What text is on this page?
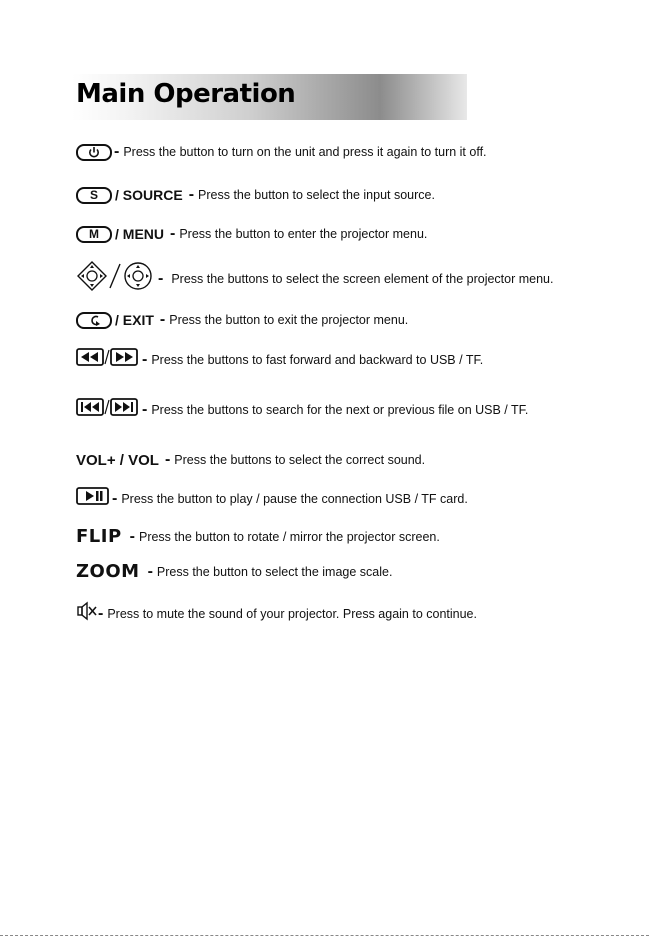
Main Operation
- Press the button to turn on the unit and press it again to turn it off.
S	/ SOURCE - Press the button to select the input source.
M	/ MENU - Press the button to enter the projector menu.
- Press the buttons to select the screen element of the projector menu.
/ EXIT - Press the button to exit the projector menu.
- Press the buttons to fast forward and backward to USB / TF.
- Press the buttons to search for the next or previous file on USB / TF.
VOL+ / VOL - Press the buttons to select the correct sound.
- Press the button to play / pause the connection USB / TF card.
FLIP - Press the button to rotate / mirror the projector screen.
ZOOM - Press the button to select the image scale.
- Press to mute the sound of your projector. Press again to continue.
